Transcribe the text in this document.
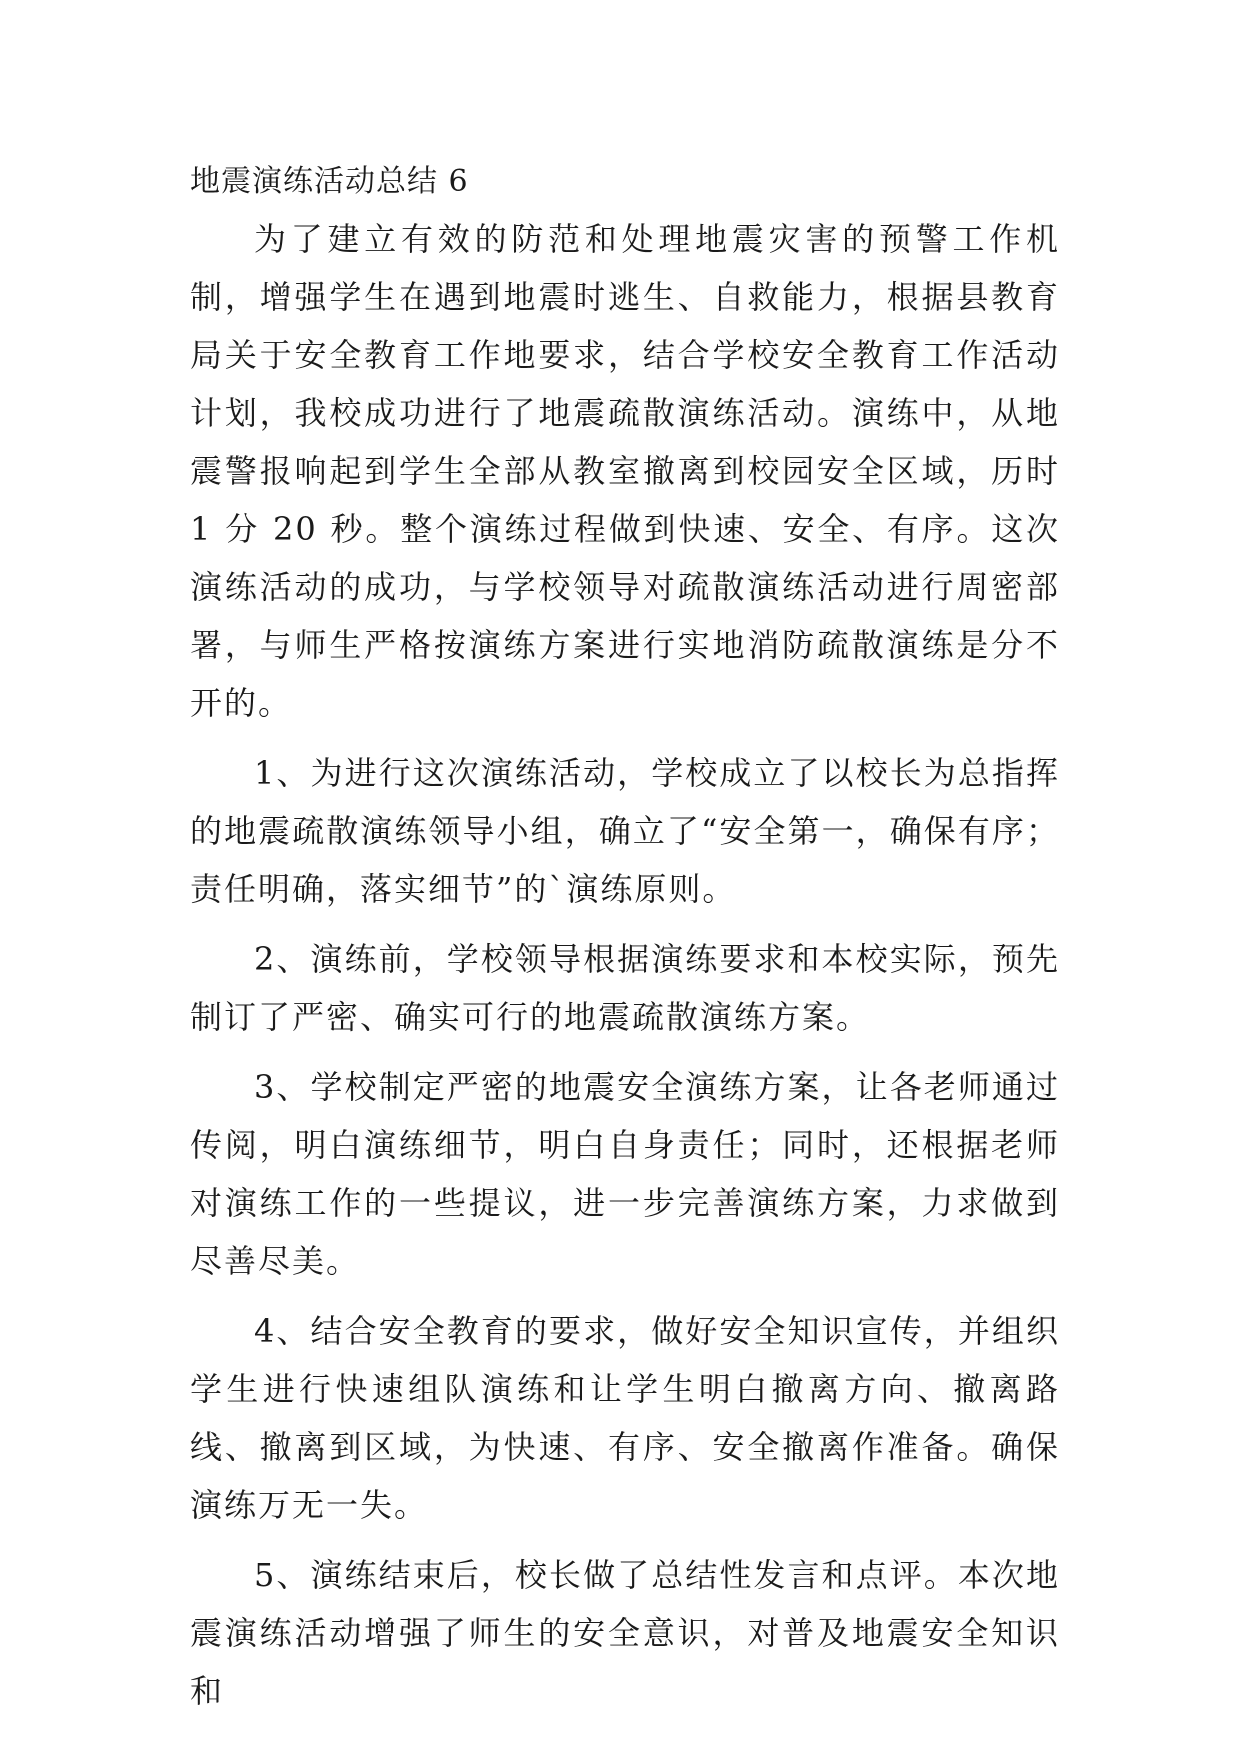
地震演练活动总结 6

为了建立有效的防范和处理地震灾害的预警工作机制，增强学生在遇到地震时逃生、自救能力，根据县教育局关于安全教育工作地要求，结合学校安全教育工作活动计划，我校成功进行了地震疏散演练活动。演练中，从地震警报响起到学生全部从教室撤离到校园安全区域，历时 1 分 20 秒。整个演练过程做到快速、安全、有序。这次演练活动的成功，与学校领导对疏散演练活动进行周密部署，与师生严格按演练方案进行实地消防疏散演练是分不开的。

1、为进行这次演练活动，学校成立了以校长为总指挥的地震疏散演练领导小组，确立了“安全第一，确保有序；责任明确，落实细节”的`演练原则。

2、演练前，学校领导根据演练要求和本校实际，预先制订了严密、确实可行的地震疏散演练方案。

3、学校制定严密的地震安全演练方案，让各老师通过传阅，明白演练细节，明白自身责任；同时，还根据老师对演练工作的一些提议，进一步完善演练方案，力求做到尽善尽美。

4、结合安全教育的要求，做好安全知识宣传，并组织学生进行快速组队演练和让学生明白撤离方向、撤离路线、撤离到区域，为快速、有序、安全撤离作准备。确保演练万无一失。

5、演练结束后，校长做了总结性发言和点评。本次地震演练活动增强了师生的安全意识，对普及地震安全知识和
